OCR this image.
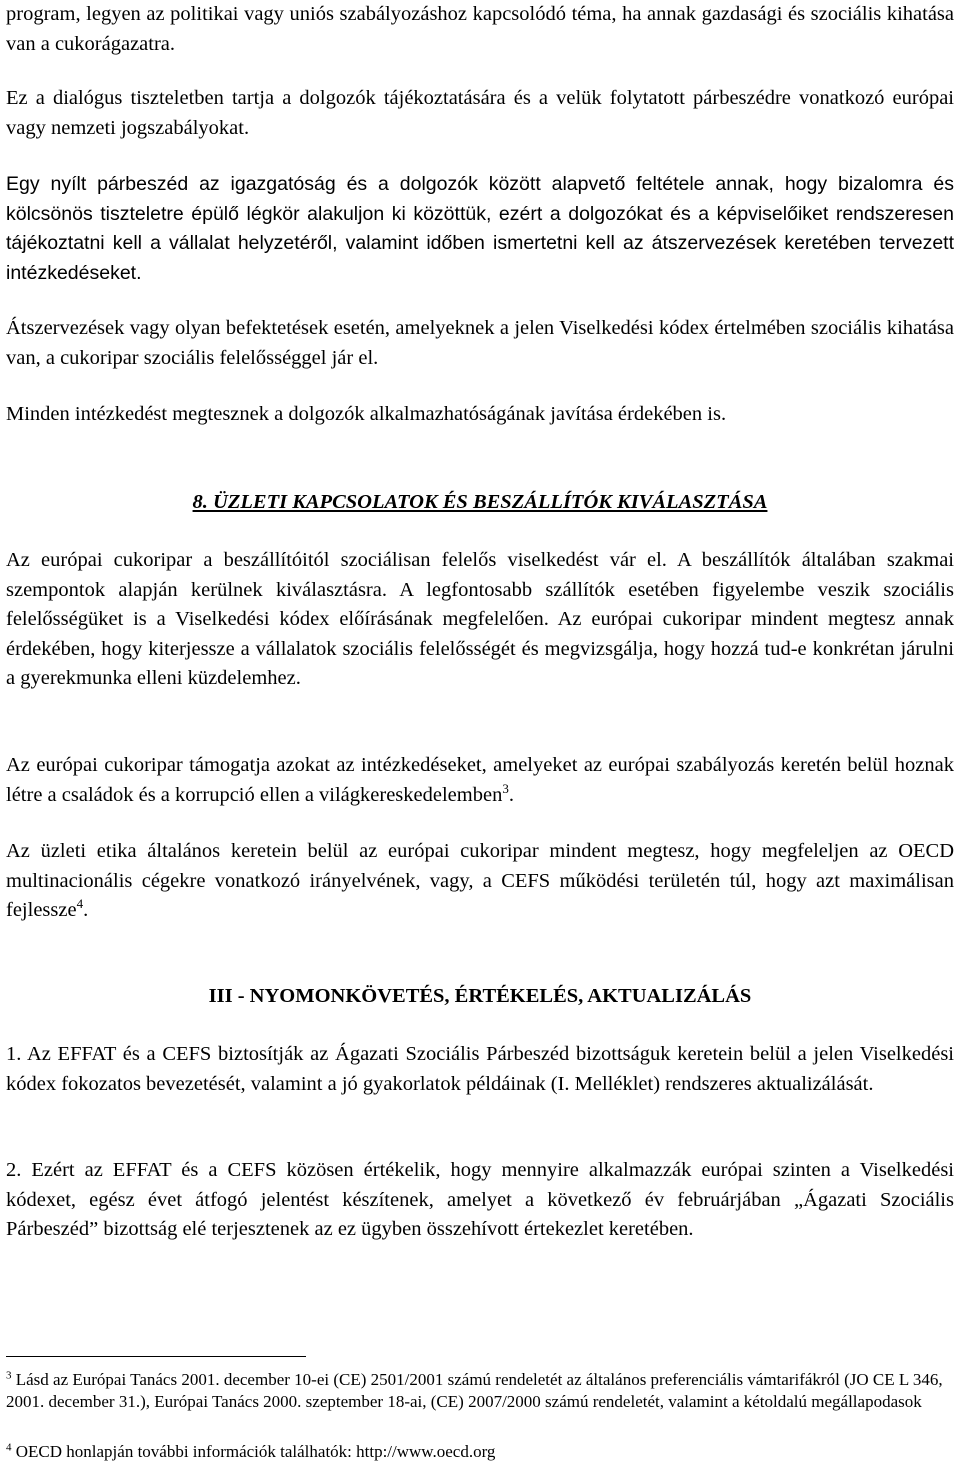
program, legyen az politikai vagy uniós szabályozáshoz kapcsolódó téma, ha annak gazdasági és szociális kihatása van a cukorágazatra.

Ez a dialógus tiszteletben tartja a dolgozók tájékoztatására és a velük folytatott párbeszédre vonatkozó európai vagy nemzeti jogszabályokat.

Egy nyílt párbeszéd az igazgatóság és a dolgozók között alapvető feltétele annak, hogy bizalomra és kölcsönös tiszteletre épülő légkör alakuljon ki közöttük, ezért a dolgozókat és a képviselőiket rendszeresen tájékoztatni kell a vállalat helyzetéről, valamint időben ismertetni kell az átszervezések keretében tervezett intézkedéseket.

Átszervezések vagy olyan befektetések esetén, amelyeknek a jelen Viselkedési kódex értelmében szociális kihatása van, a cukoripar szociális felelősséggel jár el.

Minden intézkedést megtesznek a dolgozók alkalmazhatóságának javítása érdekében is.

8. ÜZLETI KAPCSOLATOK ÉS BESZÁLLÍTÓK KIVÁLASZTÁSA

Az európai cukoripar a beszállítóitól szociálisan felelős viselkedést vár el. A beszállítók általában szakmai szempontok alapján kerülnek kiválasztásra. A legfontosabb szállítók esetében figyelembe veszik szociális felelősségüket is a Viselkedési kódex előírásának megfelelően. Az európai cukoripar mindent megtesz annak érdekében, hogy kiterjessze a vállalatok szociális felelősségét és megvizsgálja, hogy hozzá tud-e konkrétan járulni a gyerekmunka elleni küzdelemhez.

Az európai cukoripar támogatja azokat az intézkedéseket, amelyeket az európai szabályozás keretén belül hoznak létre a családok és a korrupció ellen a világkereskedelemben$^3$.

Az üzleti etika általános keretein belül az európai cukoripar mindent megtesz, hogy megfeleljen az OECD multinacionális cégekre vonatkozó irányelvének, vagy, a CEFS működési területén túl, hogy azt maximálisan fejlessze$^4$.

III - NYOMONKÖVETÉS, ÉRTÉKELÉS, AKTUALIZÁLÁS

1. Az EFFAT és a CEFS biztosítják az Ágazati Szociális Párbeszéd bizottságuk keretein belül a jelen Viselkedési kódex fokozatos bevezetését, valamint a jó gyakorlatok példáinak (I. Melléklet) rendszeres aktualizálását.

2. Ezért az EFFAT és a CEFS közösen értékelik, hogy mennyire alkalmazzák európai szinten a Viselkedési kódexet, egész évet átfogó jelentést készítenek, amelyet a következő év februárjában „Ágazati Szociális Párbeszéd” bizottság elé terjesztenek az ez ügyben összehívott értekezlet keretében.

$^3$ Lásd az Európai Tanács 2001. december 10-ei (CE) 2501/2001 számú rendeletét az általános preferenciális vámtarifákról (JO CE L 346, 2001. december 31.), Európai Tanács 2000. szeptember 18-ai, (CE) 2007/2000 számú rendeletét, valamint a kétoldalú megállapodasok

$^4$ OECD honlapján további információk találhatók: http://www.oecd.org
